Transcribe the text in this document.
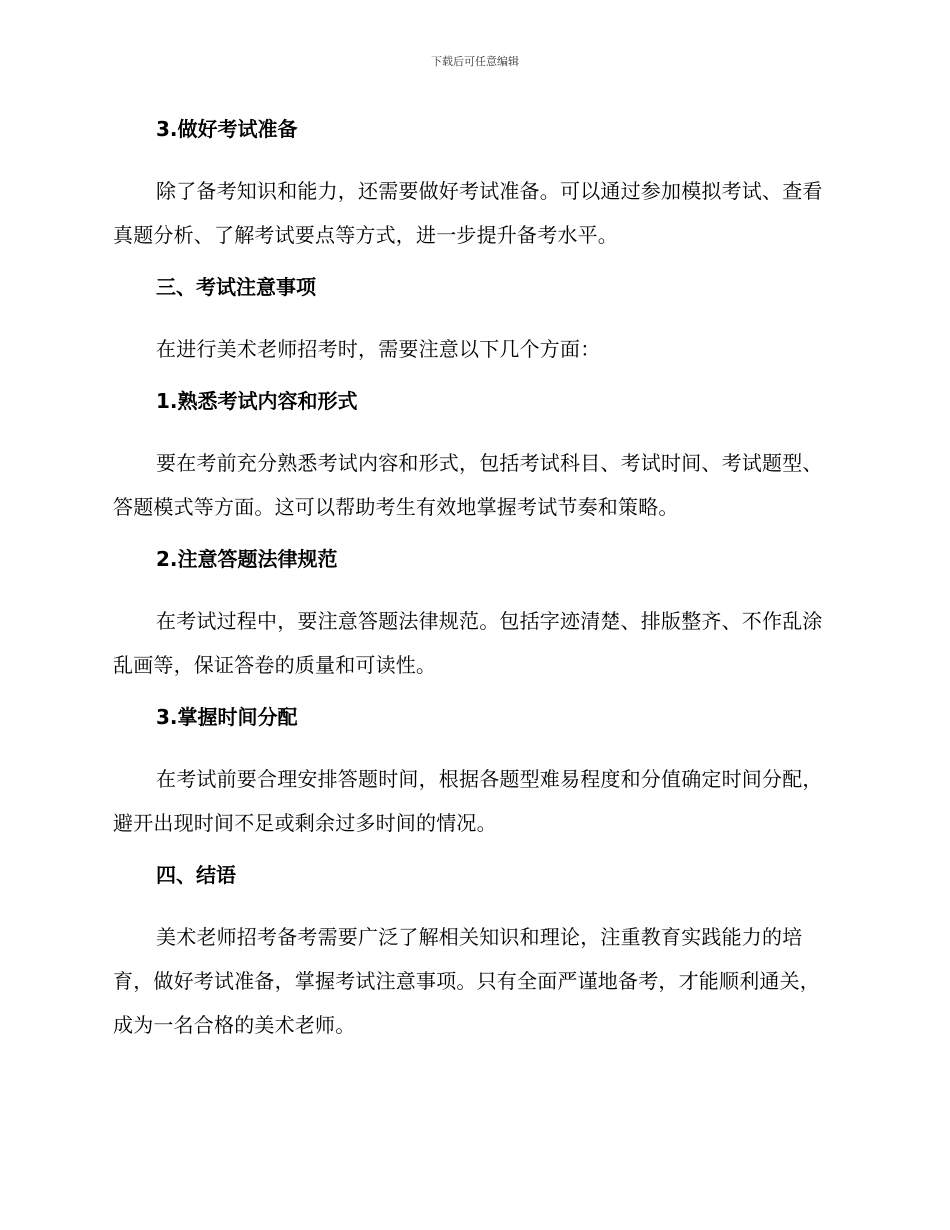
下载后可任意编辑
3.做好考试准备

除了备考知识和能力，还需要做好考试准备。可以通过参加模拟考试、查看真题分析、了解考试要点等方式，进一步提升备考水平。

三、考试注意事项

在进行美术老师招考时，需要注意以下几个方面：

1.熟悉考试内容和形式

要在考前充分熟悉考试内容和形式，包括考试科目、考试时间、考试题型、答题模式等方面。这可以帮助考生有效地掌握考试节奏和策略。

2.注意答题法律规范

在考试过程中，要注意答题法律规范。包括字迹清楚、排版整齐、不作乱涂乱画等，保证答卷的质量和可读性。

3.掌握时间分配

在考试前要合理安排答题时间，根据各题型难易程度和分值确定时间分配，避开出现时间不足或剩余过多时间的情况。

四、结语

美术老师招考备考需要广泛了解相关知识和理论，注重教育实践能力的培育，做好考试准备，掌握考试注意事项。只有全面严谨地备考，才能顺利通关，成为一名合格的美术老师。
